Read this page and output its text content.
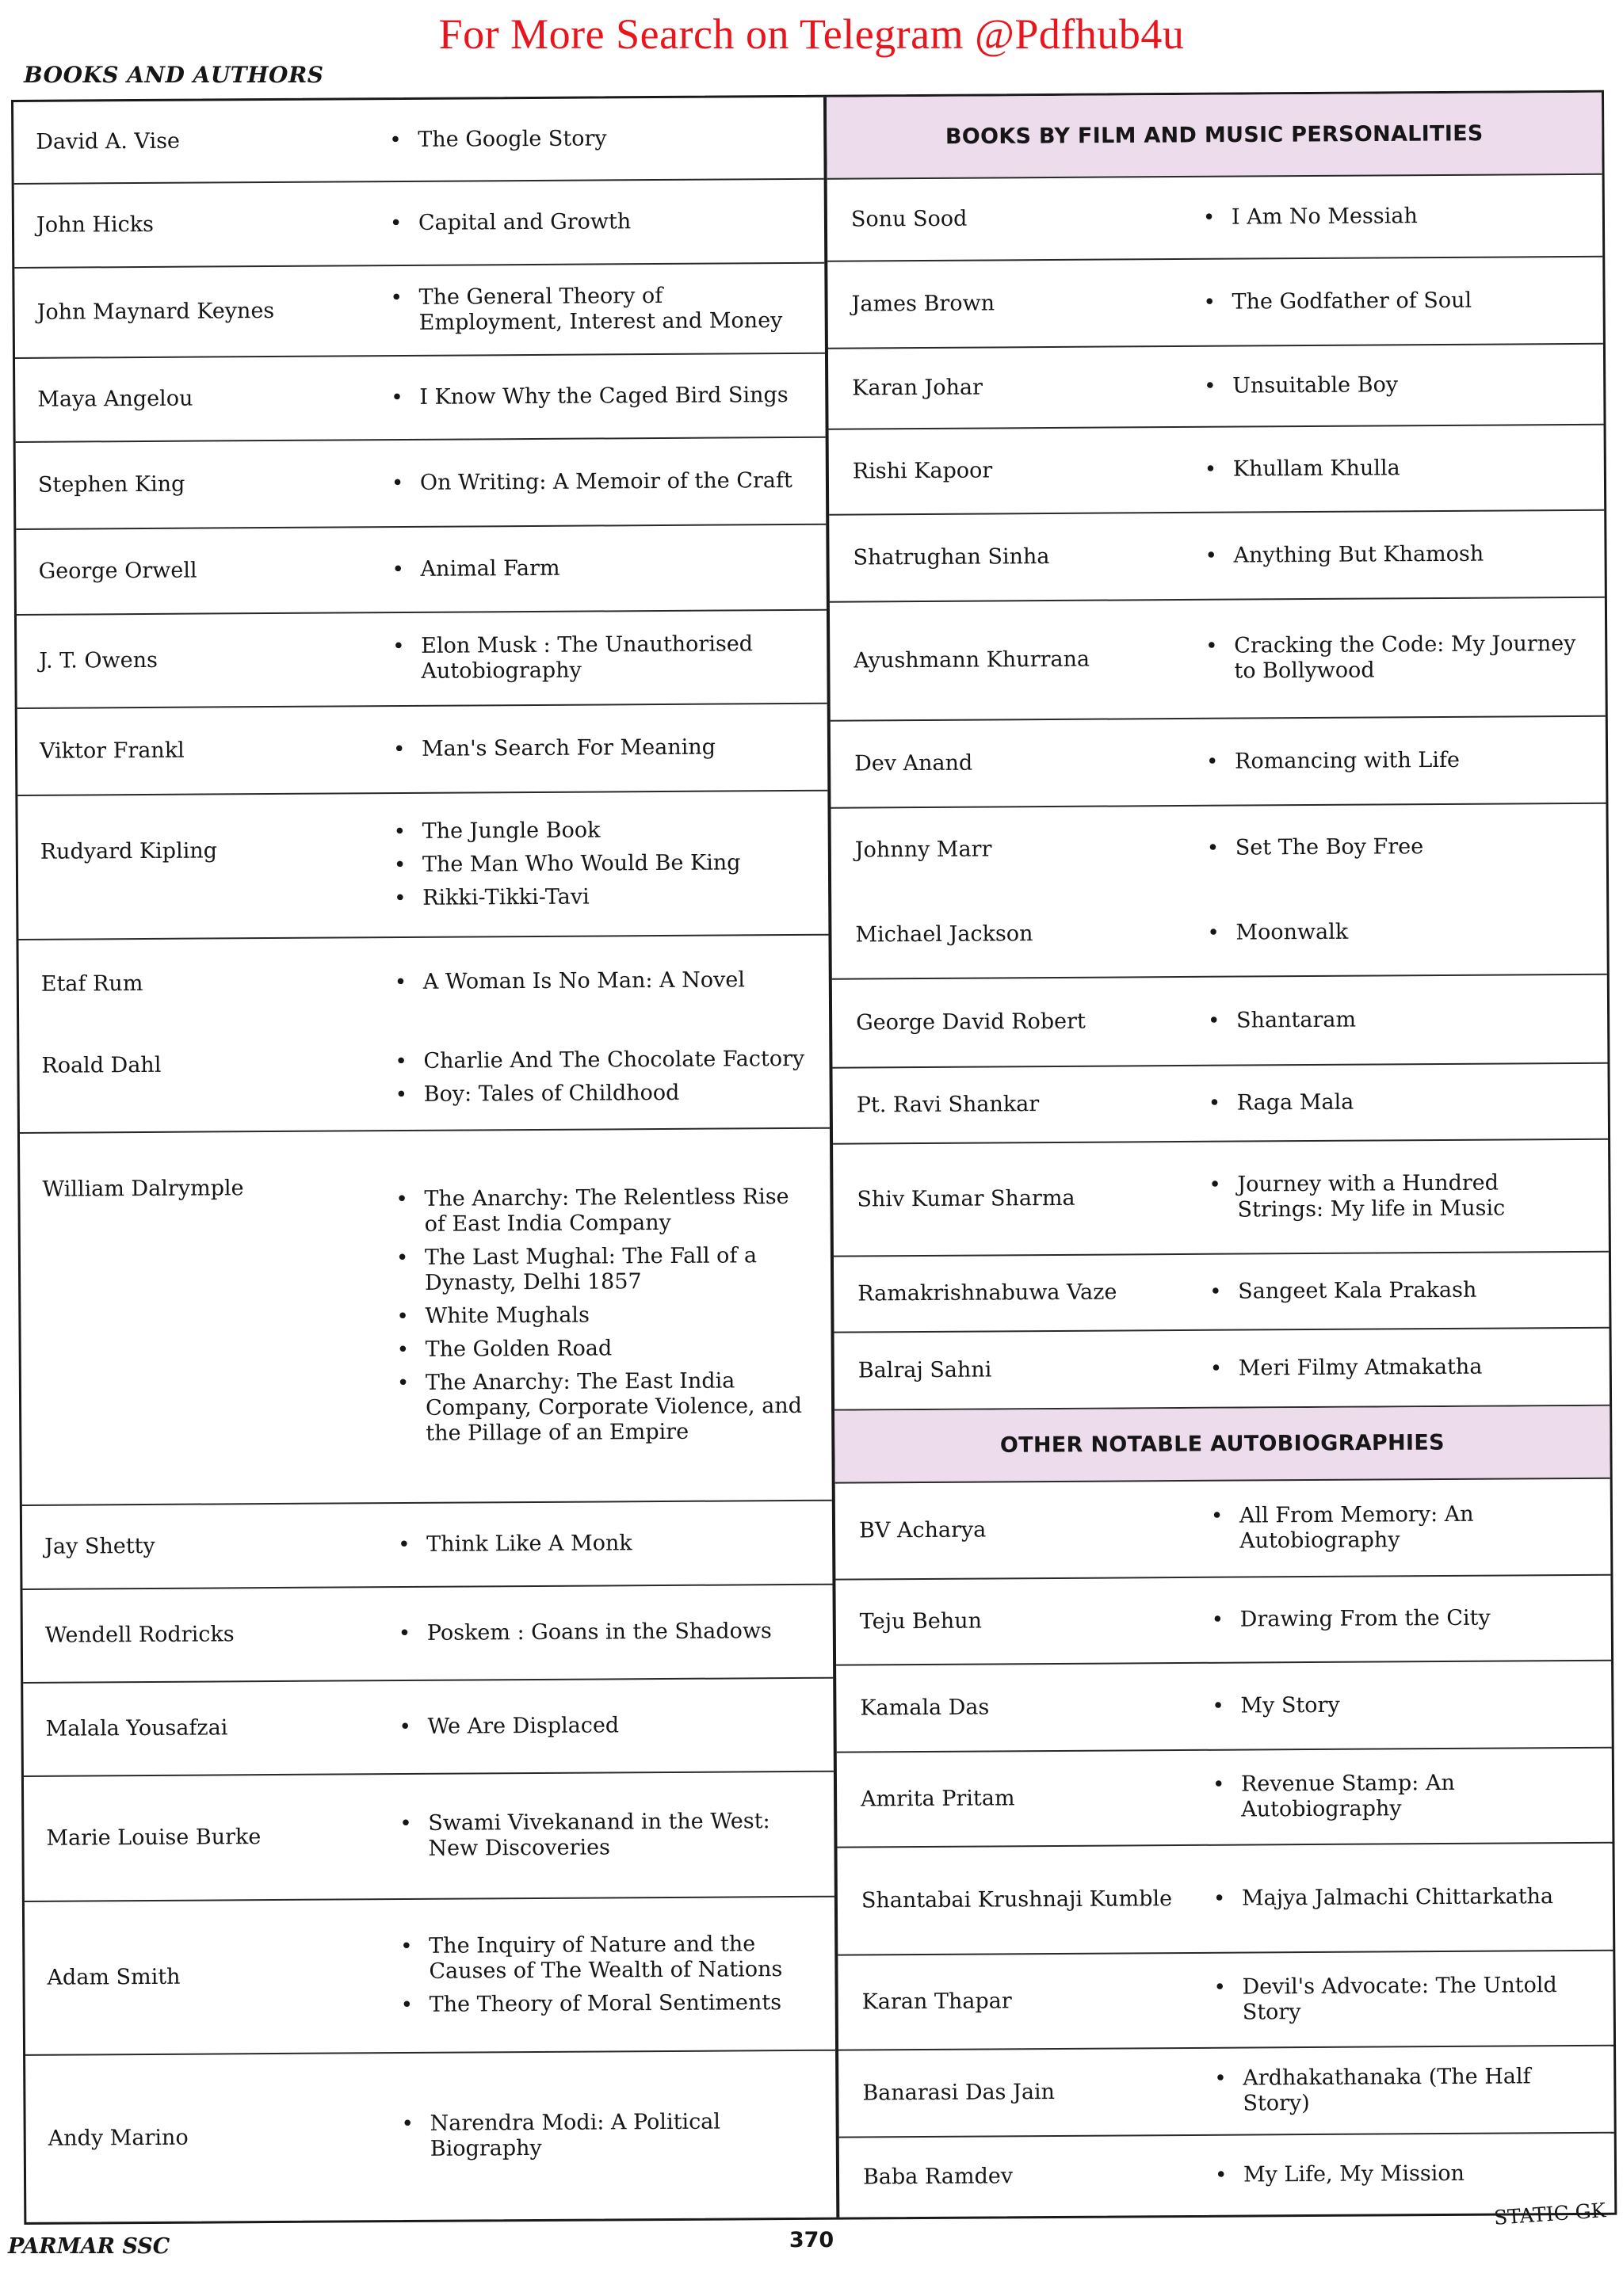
For More Search on Telegram @Pdfhub4u
BOOKS AND AUTHORS
David A. Vise	• The Google Story
John Hicks	• Capital and Growth
John Maynard Keynes
• The General Theory of Employment, Interest and Money
Maya Angelou	• I Know Why the Caged Bird Sings
Stephen King	• On Writing: A Memoir of the Craft
George Orwell	• Animal Farm
J. T. Owens
• Elon Musk : The Unauthorised Autobiography
Viktor Frankl	• Man's Search For Meaning
Rudyard Kipling
• The Jungle Book
• The Man Who Would Be King
• Rikki-Tikki-Tavi
Etaf Rum	• A Woman Is No Man: A Novel
Roald Dahl	• Charlie And The Chocolate Factory
• Boy: Tales of Childhood
William Dalrymple	• The Anarchy: The Relentless Rise of East India Company
• The Last Mughal: The Fall of a Dynasty, Delhi 1857
• White Mughals
• The Golden Road
• The Anarchy: The East India Company, Corporate Violence, and the Pillage of an Empire
Jay Shetty	• Think Like A Monk
Wendell Rodricks	• Poskem : Goans in the Shadows
Malala Yousafzai	• We Are Displaced
Marie Louise Burke
• Swami Vivekanand in the West: New Discoveries
Adam Smith
• The Inquiry of Nature and the Causes of The Wealth of Nations
• The Theory of Moral Sentiments
Andy Marino
• Narendra Modi: A Political Biography
BOOKS BY FILM AND MUSIC PERSONALITIES
Sonu Sood	• I Am No Messiah
James Brown	• The Godfather of Soul
Karan Johar	• Unsuitable Boy
Rishi Kapoor	• Khullam Khulla
Shatrughan Sinha	• Anything But Khamosh
Ayushmann Khurrana
• Cracking the Code: My Journey to Bollywood
Dev Anand	• Romancing with Life
Johnny Marr	• Set The Boy Free
Michael Jackson	• Moonwalk
George David Robert	• Shantaram
Pt. Ravi Shankar	• Raga Mala
Shiv Kumar Sharma
• Journey with a Hundred Strings: My life in Music
Ramakrishnabuwa Vaze	• Sangeet Kala Prakash
Balraj Sahni	• Meri Filmy Atmakatha
OTHER NOTABLE AUTOBIOGRAPHIES
BV Acharya
• All From Memory: An Autobiography
Teju Behun	• Drawing From the City
Kamala Das	• My Story
Amrita Pritam
• Revenue Stamp: An Autobiography
Shantabai Krushnaji Kumble	• Majya Jalmachi Chittarkatha
Karan Thapar
• Devil's Advocate: The Untold Story
Banarasi Das Jain
• Ardhakathanaka (The Half Story)
Baba Ramdev	• My Life, My Mission
PARMAR SSC	370
STATIC GK
